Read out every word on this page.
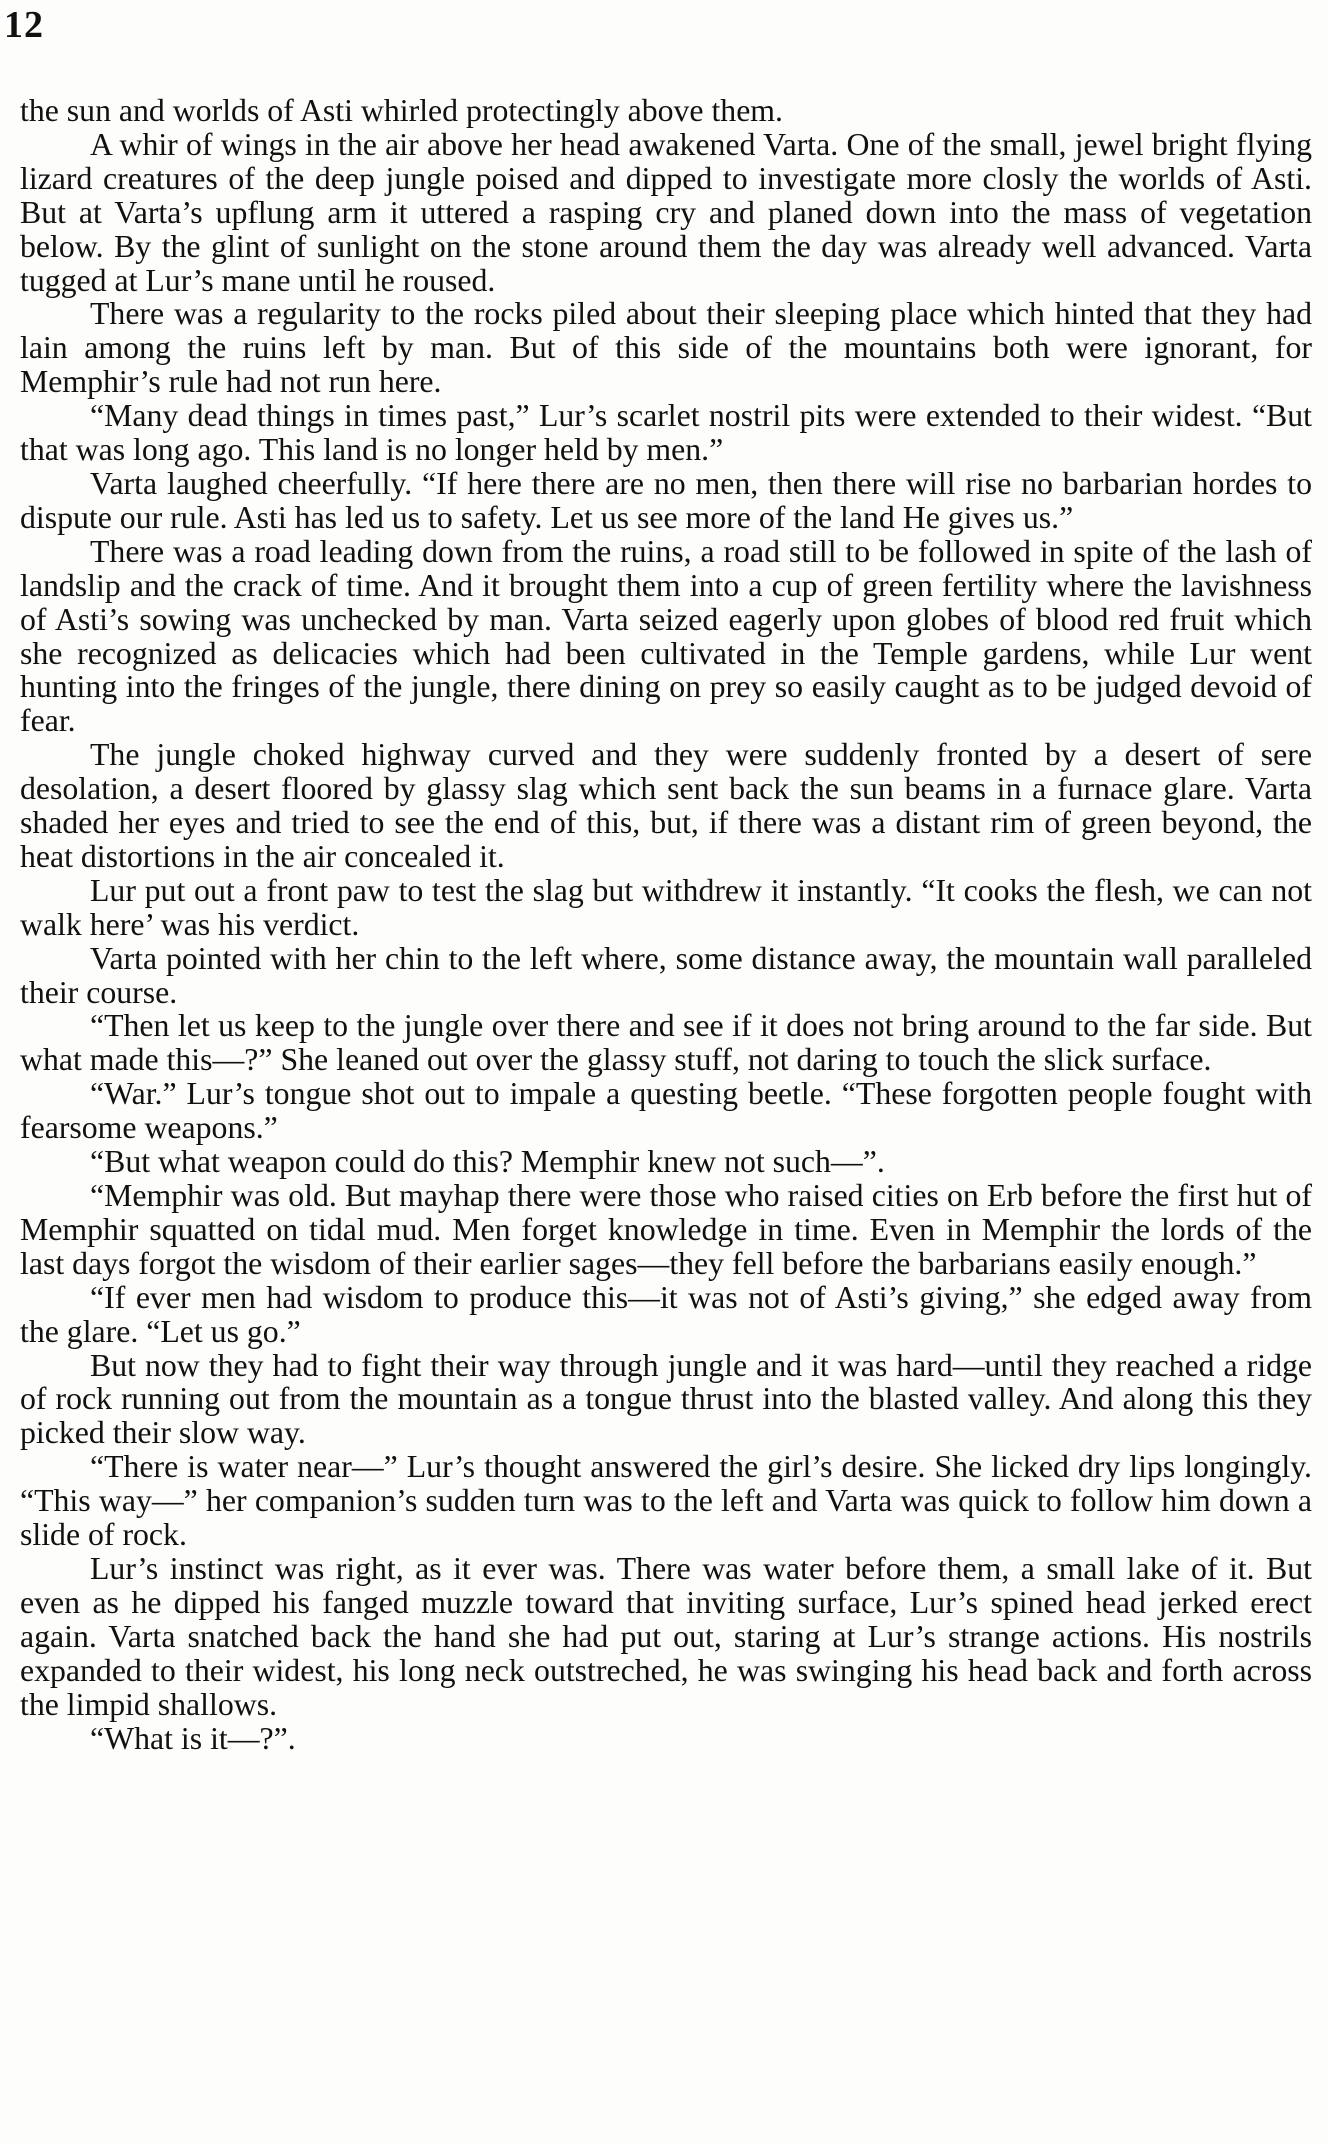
12

the sun and worlds of Asti whirled protectingly above them.

A whir of wings in the air above her head awakened Varta. One of the small, jewel bright flying lizard creatures of the deep jungle poised and dipped to investigate more closly the worlds of Asti. But at Varta’s upflung arm it uttered a rasping cry and planed down into the mass of vegetation below. By the glint of sunlight on the stone around them the day was already well advanced. Varta tugged at Lur’s mane until he roused.

There was a regularity to the rocks piled about their sleeping place which hinted that they had lain among the ruins left by man. But of this side of the mountains both were ignorant, for Memphir’s rule had not run here.

“Many dead things in times past,” Lur’s scarlet nostril pits were extended to their widest. “But that was long ago. This land is no longer held by men.”

Varta laughed cheerfully. “If here there are no men, then there will rise no barbarian hordes to dispute our rule. Asti has led us to safety. Let us see more of the land He gives us.”

There was a road leading down from the ruins, a road still to be followed in spite of the lash of landslip and the crack of time. And it brought them into a cup of green fertility where the lavishness of Asti’s sowing was unchecked by man. Varta seized eagerly upon globes of blood red fruit which she recognized as delicacies which had been cultivated in the Temple gardens, while Lur went hunting into the fringes of the jungle, there dining on prey so easily caught as to be judged devoid of fear.

The jungle choked highway curved and they were suddenly fronted by a desert of sere desolation, a desert floored by glassy slag which sent back the sun beams in a furnace glare. Varta shaded her eyes and tried to see the end of this, but, if there was a distant rim of green beyond, the heat distortions in the air concealed it.

Lur put out a front paw to test the slag but withdrew it instantly. “It cooks the flesh, we can not walk here’ was his verdict.

Varta pointed with her chin to the left where, some distance away, the mountain wall paralleled their course.

“Then let us keep to the jungle over there and see if it does not bring around to the far side. But what made this—?” She leaned out over the glassy stuff, not daring to touch the slick surface.

“War.” Lur’s tongue shot out to impale a questing beetle. “These forgotten people fought with fearsome weapons.”

“But what weapon could do this? Memphir knew not such—”.

“Memphir was old. But mayhap there were those who raised cities on Erb before the first hut of Memphir squatted on tidal mud. Men forget knowledge in time. Even in Memphir the lords of the last days forgot the wisdom of their earlier sages—they fell before the barbarians easily enough.”

“If ever men had wisdom to produce this—it was not of Asti’s giving,” she edged away from the glare. “Let us go.”

But now they had to fight their way through jungle and it was hard—until they reached a ridge of rock running out from the mountain as a tongue thrust into the blasted valley. And along this they picked their slow way.

“There is water near—” Lur’s thought answered the girl’s desire. She licked dry lips longingly. “This way—” her companion’s sudden turn was to the left and Varta was quick to follow him down a slide of rock.

Lur’s instinct was right, as it ever was. There was water before them, a small lake of it. But even as he dipped his fanged muzzle toward that inviting surface, Lur’s spined head jerked erect again. Varta snatched back the hand she had put out, staring at Lur’s strange actions. His nostrils expanded to their widest, his long neck outstreched, he was swinging his head back and forth across the limpid shallows.

“What is it—?”.
